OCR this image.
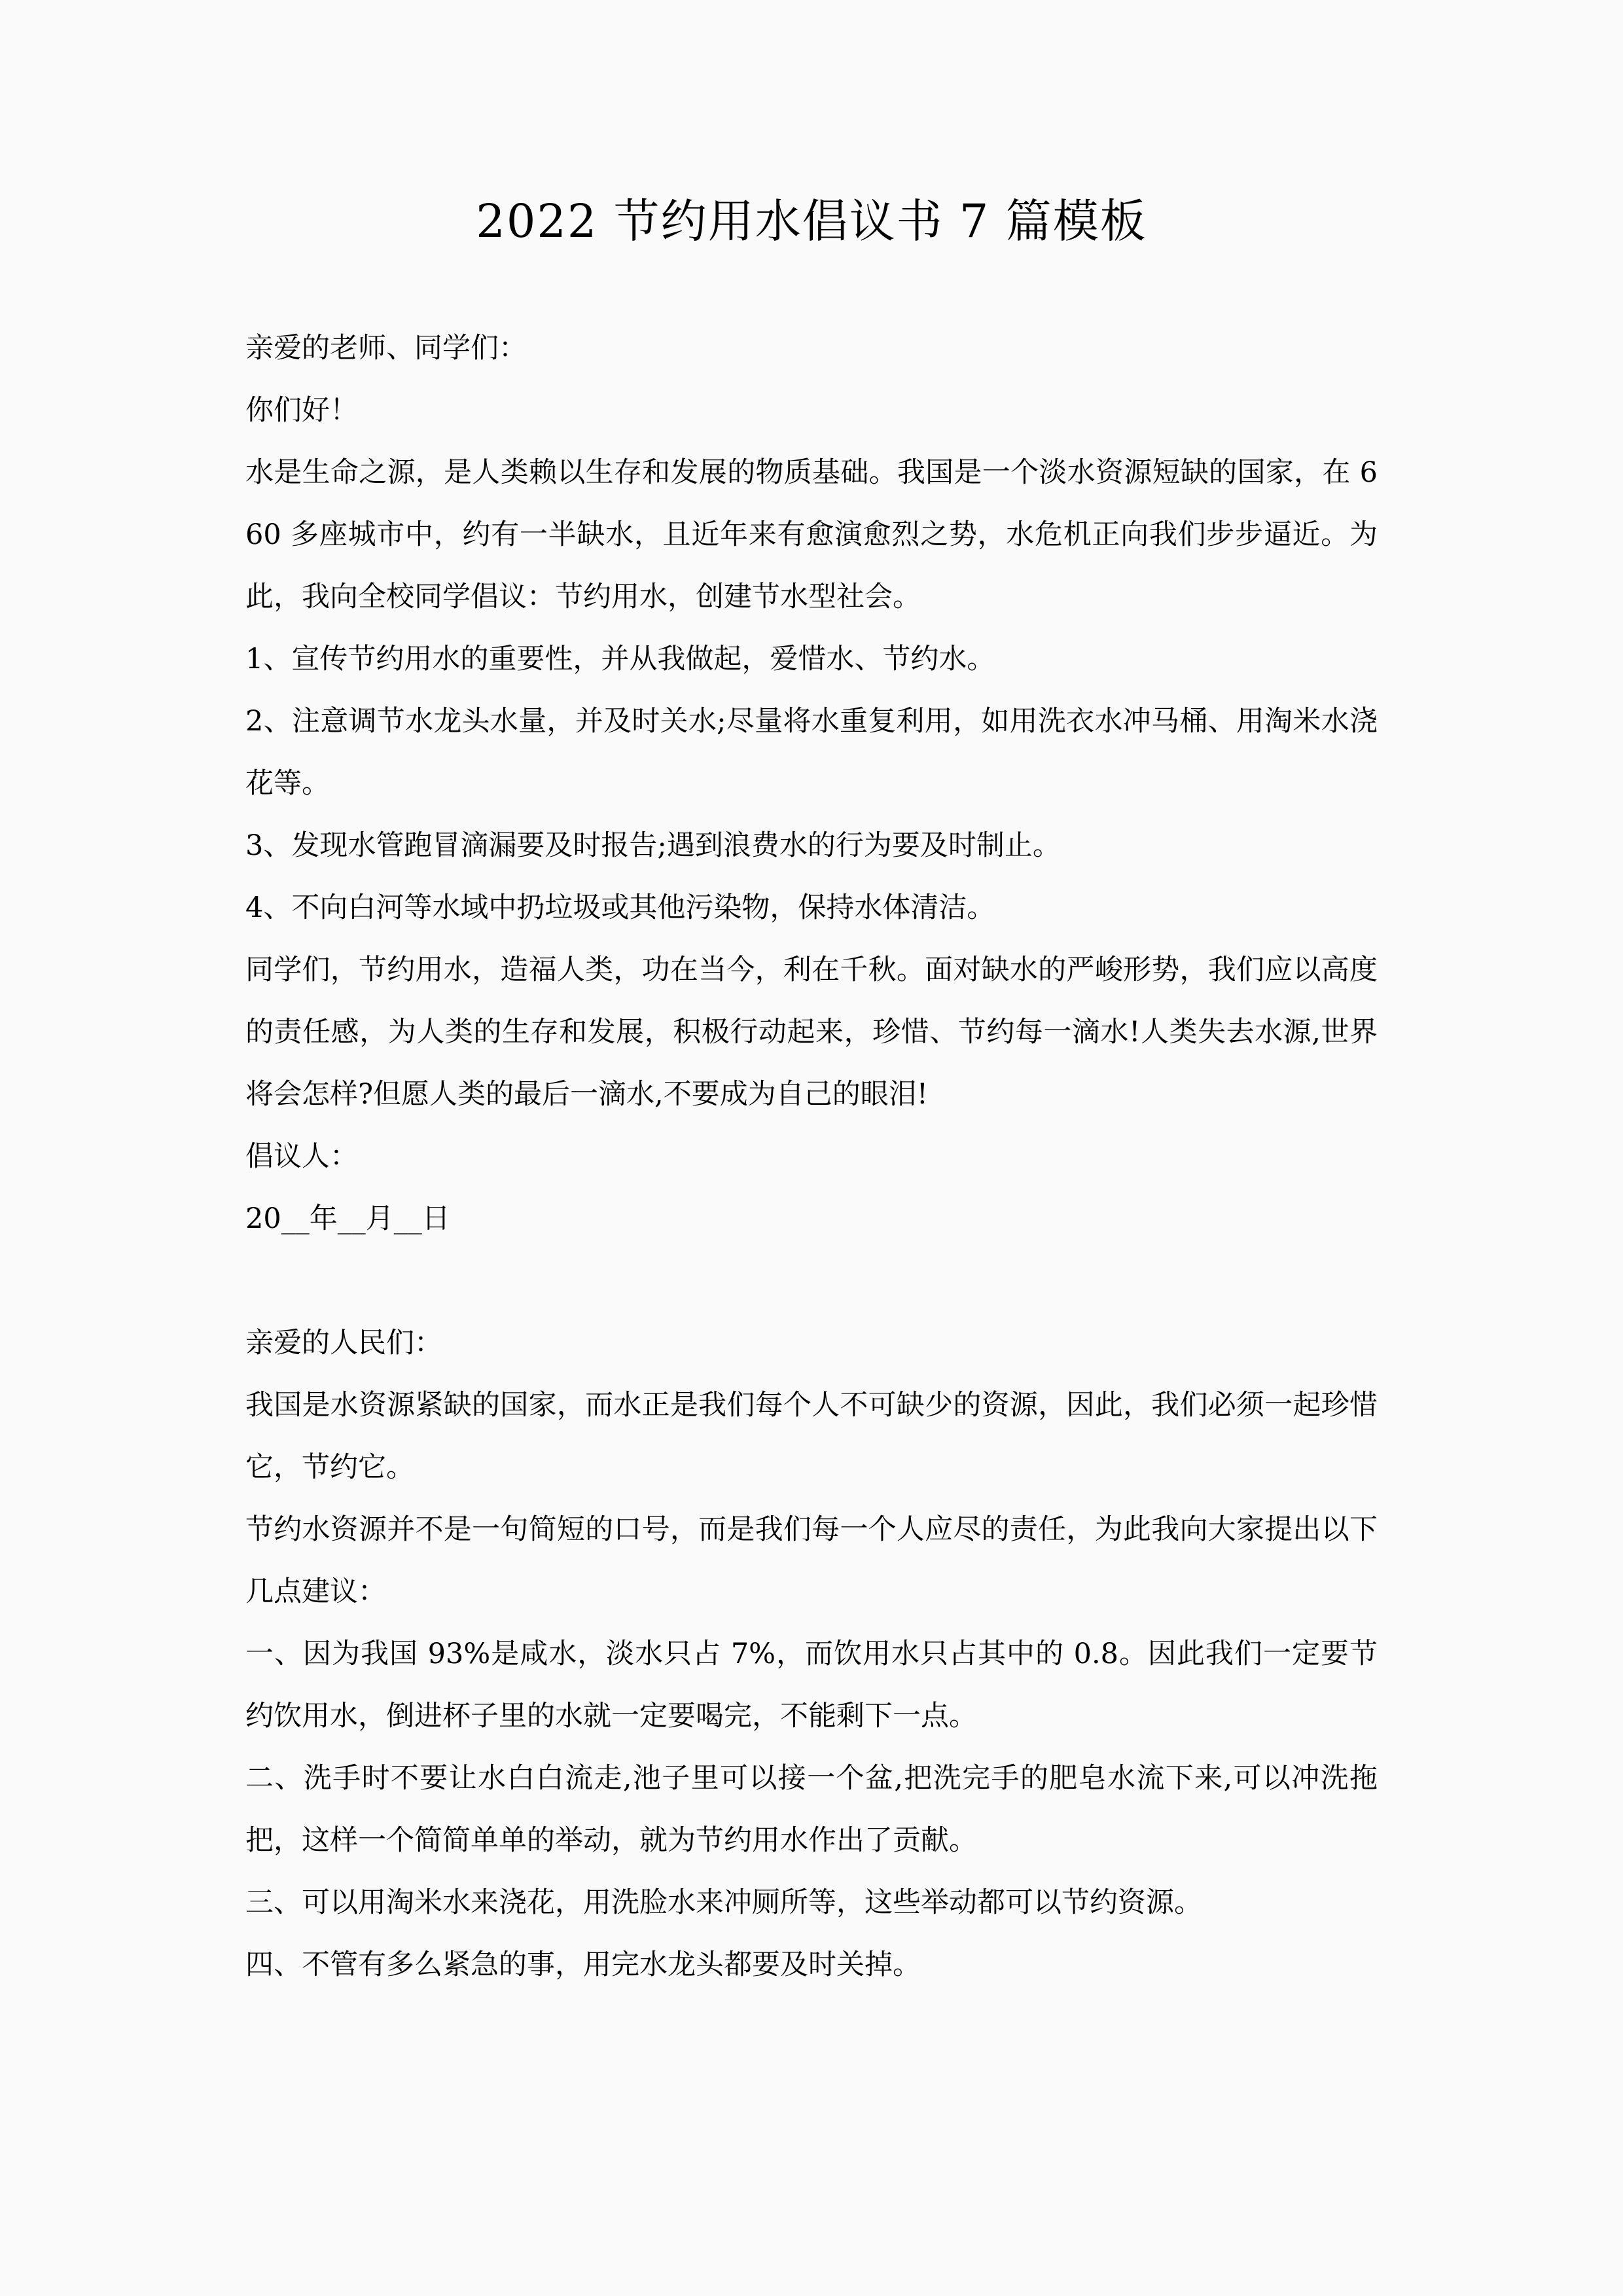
2022 节约用水倡议书 7 篇模板

亲爱的老师、同学们：

你们好！

水是生命之源，是人类赖以生存和发展的物质基础。我国是一个淡水资源短缺的国家，在 660 多座城市中，约有一半缺水，且近年来有愈演愈烈之势，水危机正向我们步步逼近。为此，我向全校同学倡议：节约用水，创建节水型社会。

1、宣传节约用水的重要性，并从我做起，爱惜水、节约水。

2、注意调节水龙头水量，并及时关水;尽量将水重复利用，如用洗衣水冲马桶、用淘米水浇花等。

3、发现水管跑冒滴漏要及时报告;遇到浪费水的行为要及时制止。

4、不向白河等水域中扔垃圾或其他污染物，保持水体清洁。

同学们，节约用水，造福人类，功在当今，利在千秋。面对缺水的严峻形势，我们应以高度的责任感，为人类的生存和发展，积极行动起来，珍惜、节约每一滴水!人类失去水源,世界将会怎样?但愿人类的最后一滴水,不要成为自己的眼泪!

倡议人：

20__年__月__日

亲爱的人民们：

我国是水资源紧缺的国家，而水正是我们每个人不可缺少的资源，因此，我们必须一起珍惜它，节约它。

节约水资源并不是一句简短的口号，而是我们每一个人应尽的责任，为此我向大家提出以下几点建议：

一、因为我国 93%是咸水，淡水只占 7%，而饮用水只占其中的 0.8。因此我们一定要节约饮用水，倒进杯子里的水就一定要喝完，不能剩下一点。

二、洗手时不要让水白白流走,池子里可以接一个盆,把洗完手的肥皂水流下来,可以冲洗拖把，这样一个简简单单的举动，就为节约用水作出了贡献。

三、可以用淘米水来浇花，用洗脸水来冲厕所等，这些举动都可以节约资源。

四、不管有多么紧急的事，用完水龙头都要及时关掉。
